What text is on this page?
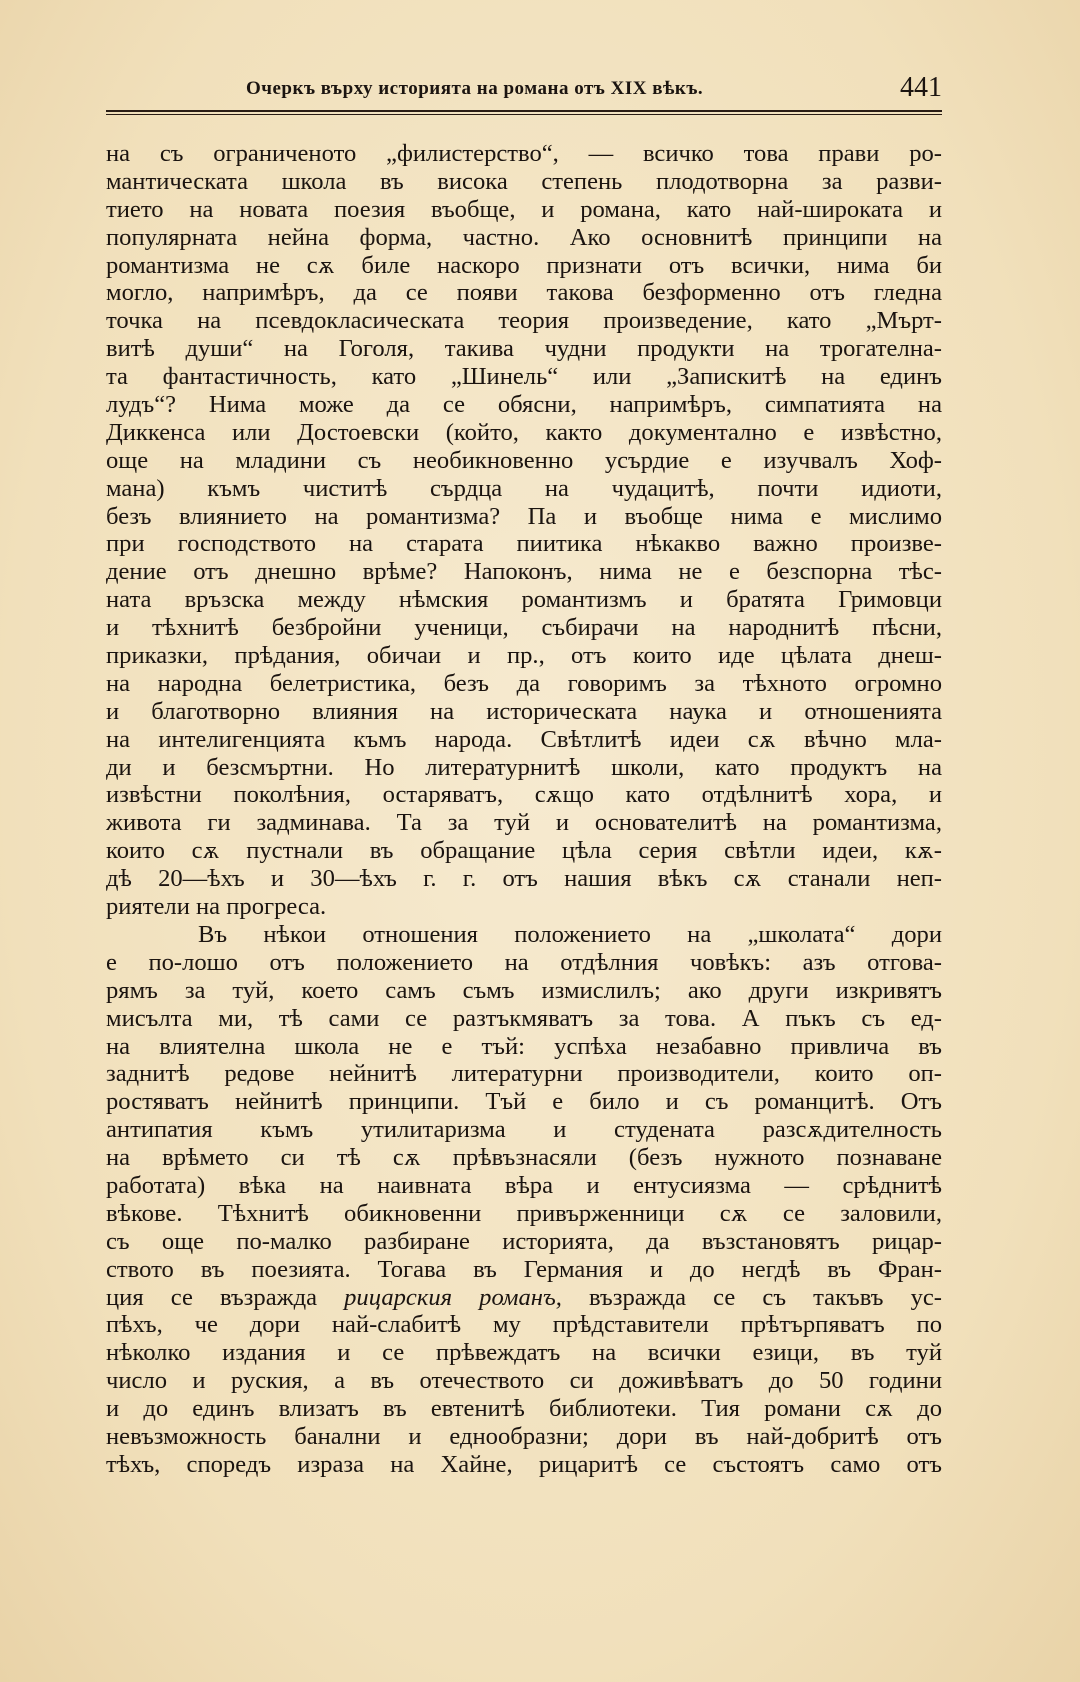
Очеркъ върху историята на романа отъ XIX вѣкъ.	441
на съ ограниченото „филистерство“, — всичко това прави ро-
мантическата школа въ висока степень плодотворна за разви-
тието на новата поезия въобще, и романа, като най-широката и
популярната нейна форма, частно. Ако основнитѣ принципи на
романтизма не сѫ биле наскоро признати отъ всички, нима би
могло, напримѣръ, да се появи такова безформенно отъ гледна
точка на псевдокласическата теория произведение, като „Мърт-
витѣ души“ на Гоголя, такива чудни продукти на трогателна-
та фантастичность, като „Шинель“ или „Запискитѣ на единъ
лудъ“? Нима може да се обясни, напримѣръ, симпатията на
Диккенса или Достоевски (който, както документално е извѣстно,
още на младини съ необикновенно усърдие е изучвалъ Хоф-
мана) къмъ чиститѣ сърдца на чудацитѣ, почти идиоти,
безъ влиянието на романтизма? Па и въобще нима е мислимо
при господството на старата пиитика нѣкакво важно произве-
дение отъ днешно врѣме? Напоконъ, нима не е безспорна тѣс-
ната връзска между нѣмския романтизмъ и братята Гримовци
и тѣхнитѣ безбройни ученици, събирачи на народнитѣ пѣсни,
приказки, прѣдания, обичаи и пр., отъ които иде цѣлата днеш-
на народна белетристика, безъ да говоримъ за тѣхното огромно
и благотворно влияния на историческата наука и отношенията
на интелигенцията къмъ народа. Свѣтлитѣ идеи сѫ вѣчно мла-
ди и безсмъртни. Но литературнитѣ школи, като продуктъ на
извѣстни поколѣния, остаряватъ, сѫщо като отдѣлнитѣ хора, и
живота ги задминава. Та за туй и основателитѣ на романтизма,
които сѫ пустнали въ обращание цѣла серия свѣтли идеи, кѫ-
дѣ 20—ѣхъ и 30—ѣхъ г. г. отъ нашия вѣкъ сѫ станали неп-
риятели на прогреса.
Въ нѣкои отношения положението на „школата“ дори
е по-лошо отъ положението на отдѣлния човѣкъ: азъ отгова-
рямъ за туй, което самъ съмъ измислилъ; ако други изкривятъ
мисълта ми, тѣ сами се разтъкмяватъ за това. А пъкъ съ ед-
на влиятелна школа не е тъй: успѣха незабавно привлича въ
заднитѣ редове нейнитѣ литературни производители, които оп-
ростяватъ нейнитѣ принципи. Тъй е било и съ романцитѣ. Отъ
антипатия къмъ утилитаризма и студената разсѫдителность
на врѣмето си тѣ сѫ прѣвъзнасяли (безъ нужното познаване
работата) вѣка на наивната вѣра и ентусиязма — срѣднитѣ
вѣкове. Тѣхнитѣ обикновенни привърженници сѫ се заловили,
съ още по-малко разбиране историята, да възстановятъ рицар-
ството въ поезията. Тогава въ Германия и до негдѣ въ Фран-
ция се възражда рицарския романъ, възражда се съ такъвъ ус-
пѣхъ, че дори най-слабитѣ му прѣдставители прѣтърпяватъ по
нѣколко издания и се прѣвеждатъ на всички езици, въ туй
число и руския, а въ отечеството си доживѣватъ до 50 години
и до единъ влизатъ въ евтенитѣ библиотеки. Тия романи сѫ до
невъзможность банални и еднообразни; дори въ най-добритѣ отъ
тѣхъ, споредъ израза на Хайне, рицаритѣ се състоятъ само отъ
